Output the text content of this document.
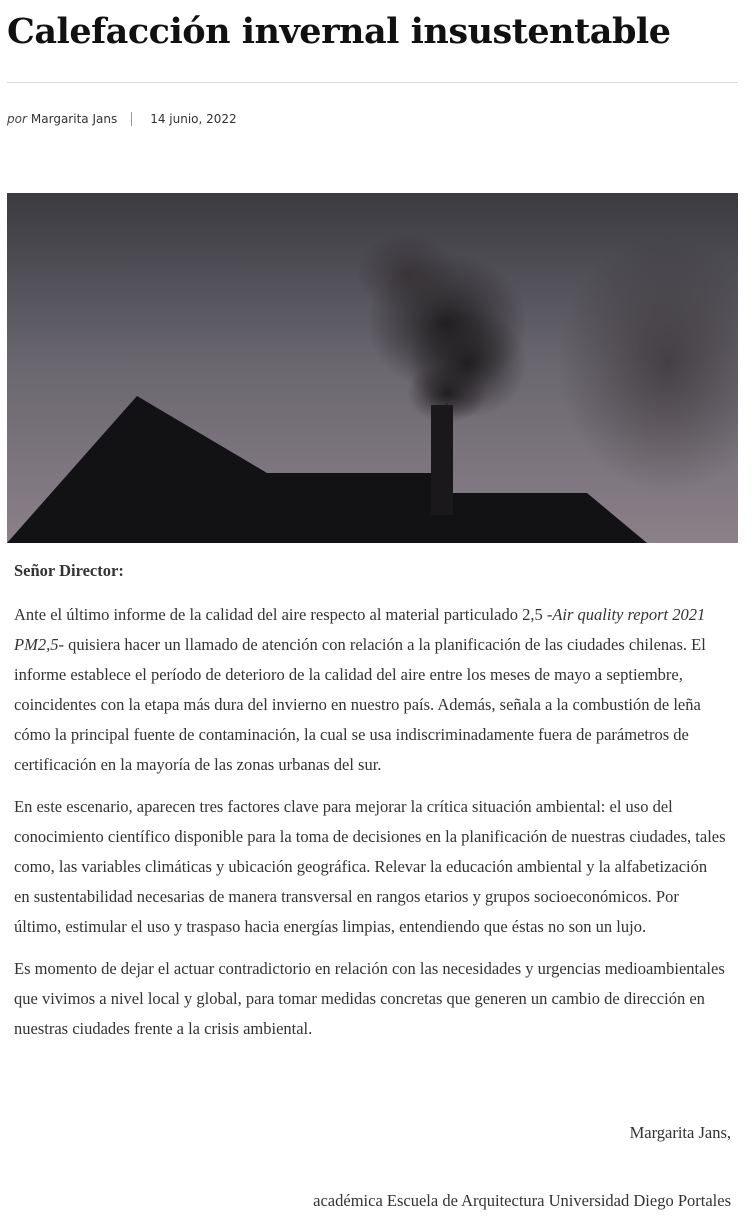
Calefacción invernal insustentable
por Margarita Jans	14 junio, 2022

Señor Director:

Ante el último informe de la calidad del aire respecto al material particulado 2,5 -Air quality report 2021 PM2,5- quisiera hacer un llamado de atención con relación a la planificación de las ciudades chilenas. El informe establece el período de deterioro de la calidad del aire entre los meses de mayo a septiembre, coincidentes con la etapa más dura del invierno en nuestro país. Además, señala a la combustión de leña cómo la principal fuente de contaminación, la cual se usa indiscriminadamente fuera de parámetros de certificación en la mayoría de las zonas urbanas del sur.

En este escenario, aparecen tres factores clave para mejorar la crítica situación ambiental: el uso del conocimiento científico disponible para la toma de decisiones en la planificación de nuestras ciudades, tales como, las variables climáticas y ubicación geográfica. Relevar la educación ambiental y la alfabetización en sustentabilidad necesarias de manera transversal en rangos etarios y grupos socioeconómicos. Por último, estimular el uso y traspaso hacia energías limpias, entendiendo que éstas no son un lujo.

Es momento de dejar el actuar contradictorio en relación con las necesidades y urgencias medioambientales que vivimos a nivel local y global, para tomar medidas concretas que generen un cambio de dirección en nuestras ciudades frente a la crisis ambiental.

Margarita Jans,
académica Escuela de Arquitectura Universidad Diego Portales
